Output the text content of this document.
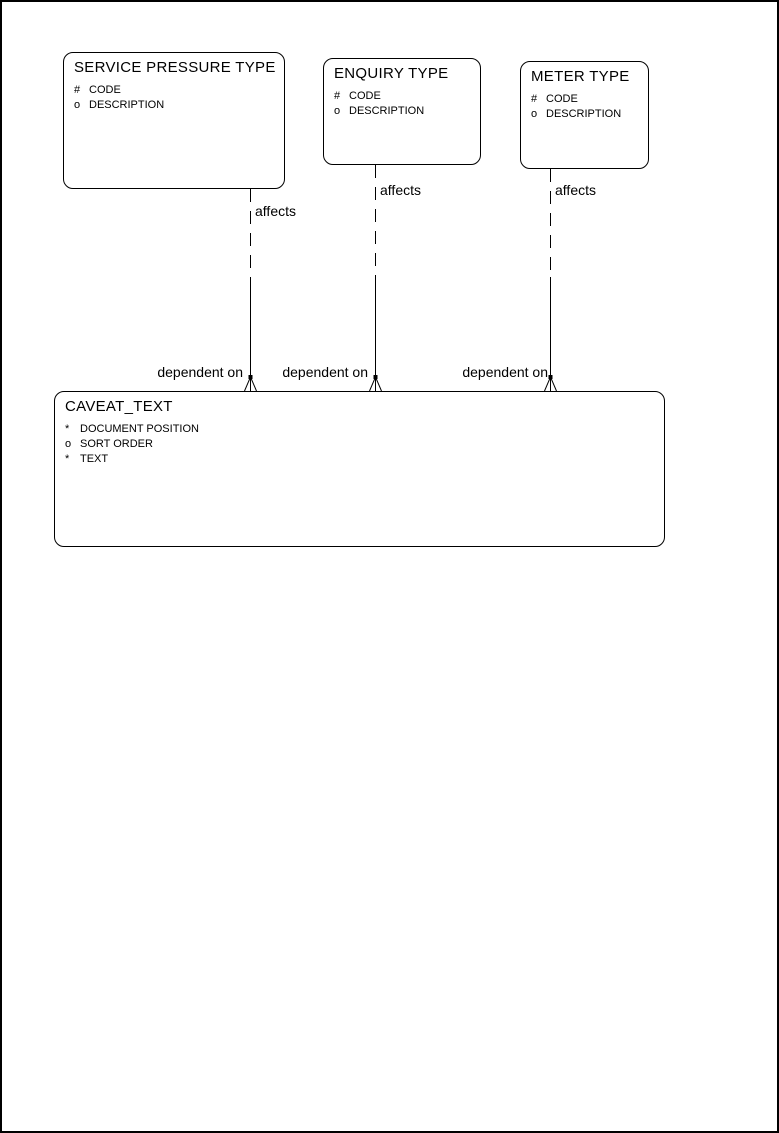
affects
affects	affects
dependent on	dependent on	dependent on
SERVICE PRESSURE TYPE
# CODE
o DESCRIPTION
ENQUIRY TYPE
# CODE
o DESCRIPTION
METER TYPE
# CODE
o DESCRIPTION
CAVEAT_TEXT
* DOCUMENT POSITION
o SORT ORDER
* TEXT
